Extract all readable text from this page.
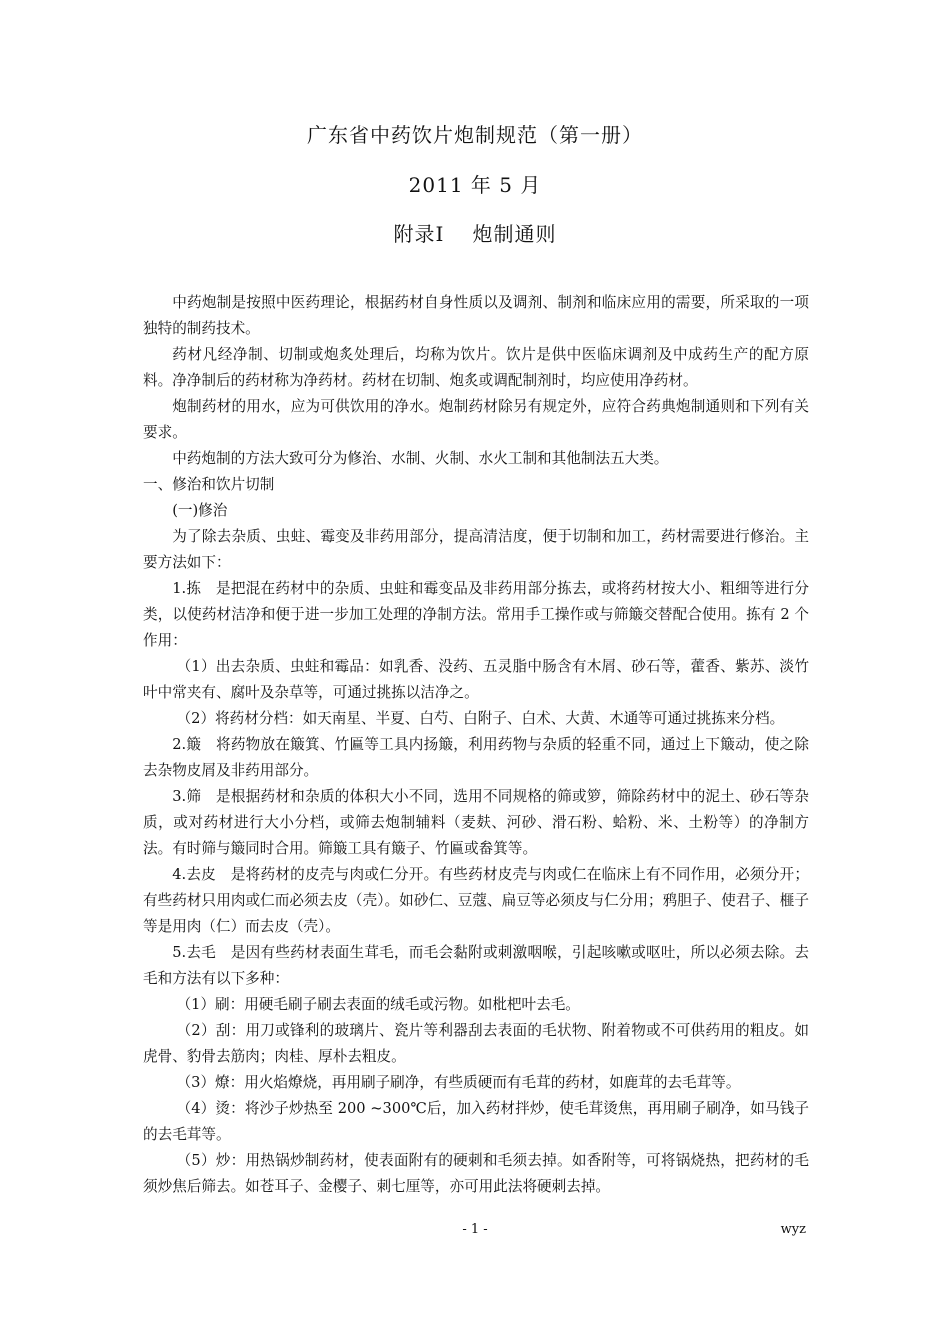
广东省中药饮片炮制规范（第一册）
2011 年 5 月
附录Ⅰ 炮制通则

中药炮制是按照中医药理论，根据药材自身性质以及调剂、制剂和临床应用的需要，所采取的一项独特的制药技术。

药材凡经净制、切制或炮炙处理后，均称为饮片。饮片是供中医临床调剂及中成药生产的配方原料。净净制后的药材称为净药材。药材在切制、炮炙或调配制剂时，均应使用净药材。

炮制药材的用水，应为可供饮用的净水。炮制药材除另有规定外，应符合药典炮制通则和下列有关要求。

中药炮制的方法大致可分为修治、水制、火制、水火工制和其他制法五大类。

一、修治和饮片切制

(一)修治

为了除去杂质、虫蛀、霉变及非药用部分，提高清洁度，便于切制和加工，药材需要进行修治。主要方法如下：

1.拣 是把混在药材中的杂质、虫蛀和霉变品及非药用部分拣去，或将药材按大小、粗细等进行分类，以使药材洁净和便于进一步加工处理的净制方法。常用手工操作或与筛簸交替配合使用。拣有 2 个作用：

（1）出去杂质、虫蛀和霉品：如乳香、没药、五灵脂中肠含有木屑、砂石等，藿香、紫苏、淡竹叶中常夹有、腐叶及杂草等，可通过挑拣以洁净之。

（2）将药材分档：如天南星、半夏、白芍、白附子、白术、大黄、木通等可通过挑拣来分档。

2.簸 将药物放在簸箕、竹匾等工具内扬簸，利用药物与杂质的轻重不同，通过上下簸动，使之除去杂物皮屑及非药用部分。

3.筛 是根据药材和杂质的体积大小不同，选用不同规格的筛或箩，筛除药材中的泥土、砂石等杂质，或对药材进行大小分档，或筛去炮制辅料（麦麸、河砂、滑石粉、蛤粉、米、土粉等）的净制方法。有时筛与簸同时合用。筛簸工具有簸子、竹匾或畚箕等。

4.去皮 是将药材的皮壳与肉或仁分开。有些药材皮壳与肉或仁在临床上有不同作用，必须分开；有些药材只用肉或仁而必须去皮（壳）。如砂仁、豆蔻、扁豆等必须皮与仁分用；鸦胆子、使君子、榧子等是用肉（仁）而去皮（壳）。

5.去毛 是因有些药材表面生茸毛，而毛会黏附或刺激咽喉，引起咳嗽或呕吐，所以必须去除。去毛和方法有以下多种：

（1）刷：用硬毛刷子刷去表面的绒毛或污物。如枇杷叶去毛。

（2）刮：用刀或锋利的玻璃片、瓷片等利器刮去表面的毛状物、附着物或不可供药用的粗皮。如虎骨、豹骨去筋肉；肉桂、厚朴去粗皮。

（3）燎：用火焰燎烧，再用刷子刷净，有些质硬而有毛茸的药材，如鹿茸的去毛茸等。

（4）烫：将沙子炒热至 200 ~300℃后，加入药材拌炒，使毛茸烫焦，再用刷子刷净，如马钱子的去毛茸等。

（5）炒：用热锅炒制药材，使表面附有的硬刺和毛须去掉。如香附等，可将锅烧热，把药材的毛须炒焦后筛去。如苍耳子、金樱子、刺七厘等，亦可用此法将硬刺去掉。

- 1 -	wyz
